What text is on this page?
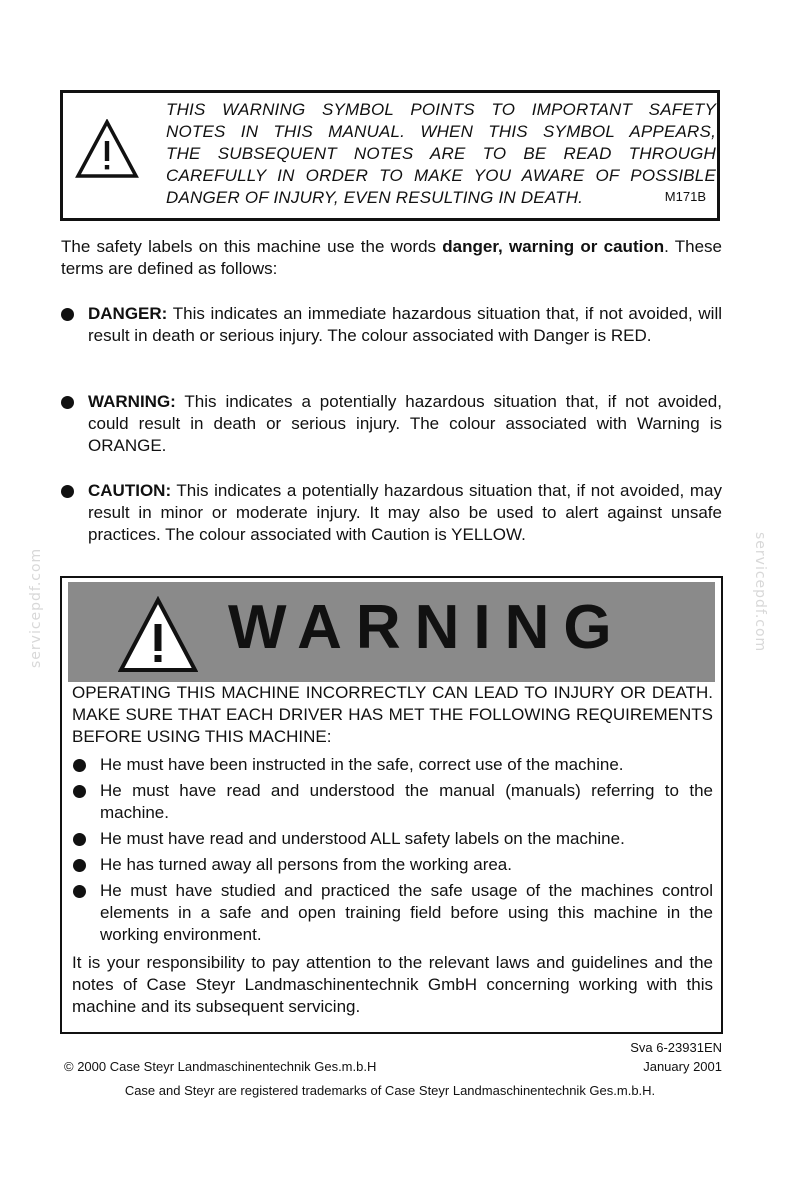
THIS WARNING SYMBOL POINTS TO IMPORTANT SAFETY
NOTES IN THIS MANUAL. WHEN THIS SYMBOL APPEARS,
THE SUBSEQUENT NOTES ARE TO BE READ THROUGH
CAREFULLY IN ORDER TO MAKE YOU AWARE OF POSSIBLE
DANGER OF INJURY, EVEN RESULTING IN DEATH.	M171B
The safety labels on this machine use the words danger, warning or caution. These terms are defined as follows:
DANGER: This indicates an immediate hazardous situation that, if not avoided, will result in death or serious injury. The colour associated with Danger is RED.
WARNING: This indicates a potentially hazardous situation that, if not avoided, could result in death or serious injury. The colour associated with Warning is ORANGE.
CAUTION: This indicates a potentially hazardous situation that, if not avoided, may result in minor or moderate injury. It may also be used to alert against unsafe practices. The colour associated with Caution is YELLOW.
servicepdf.com	servicepdf.com
WARNING
OPERATING THIS MACHINE INCORRECTLY CAN LEAD TO INJURY OR DEATH. MAKE SURE THAT EACH DRIVER HAS MET THE FOLLOWING REQUIREMENTS BEFORE USING THIS MACHINE:
He must have been instructed in the safe, correct use of the machine.
He must have read and understood the manual (manuals) referring to the machine.
He must have read and understood ALL safety labels on the machine.
He has turned away all persons from the working area.
He must have studied and practiced the safe usage of the machines control elements in a safe and open training field before using this machine in the working environment.
It is your responsibility to pay attention to the relevant laws and guidelines and the notes of Case Steyr Landmaschinentechnik GmbH concerning working with this machine and its subsequent servicing.
Sva 6-23931EN
© 2000 Case Steyr Landmaschinentechnik Ges.m.b.H	January 2001
Case and Steyr are registered trademarks of Case Steyr Landmaschinentechnik Ges.m.b.H.
